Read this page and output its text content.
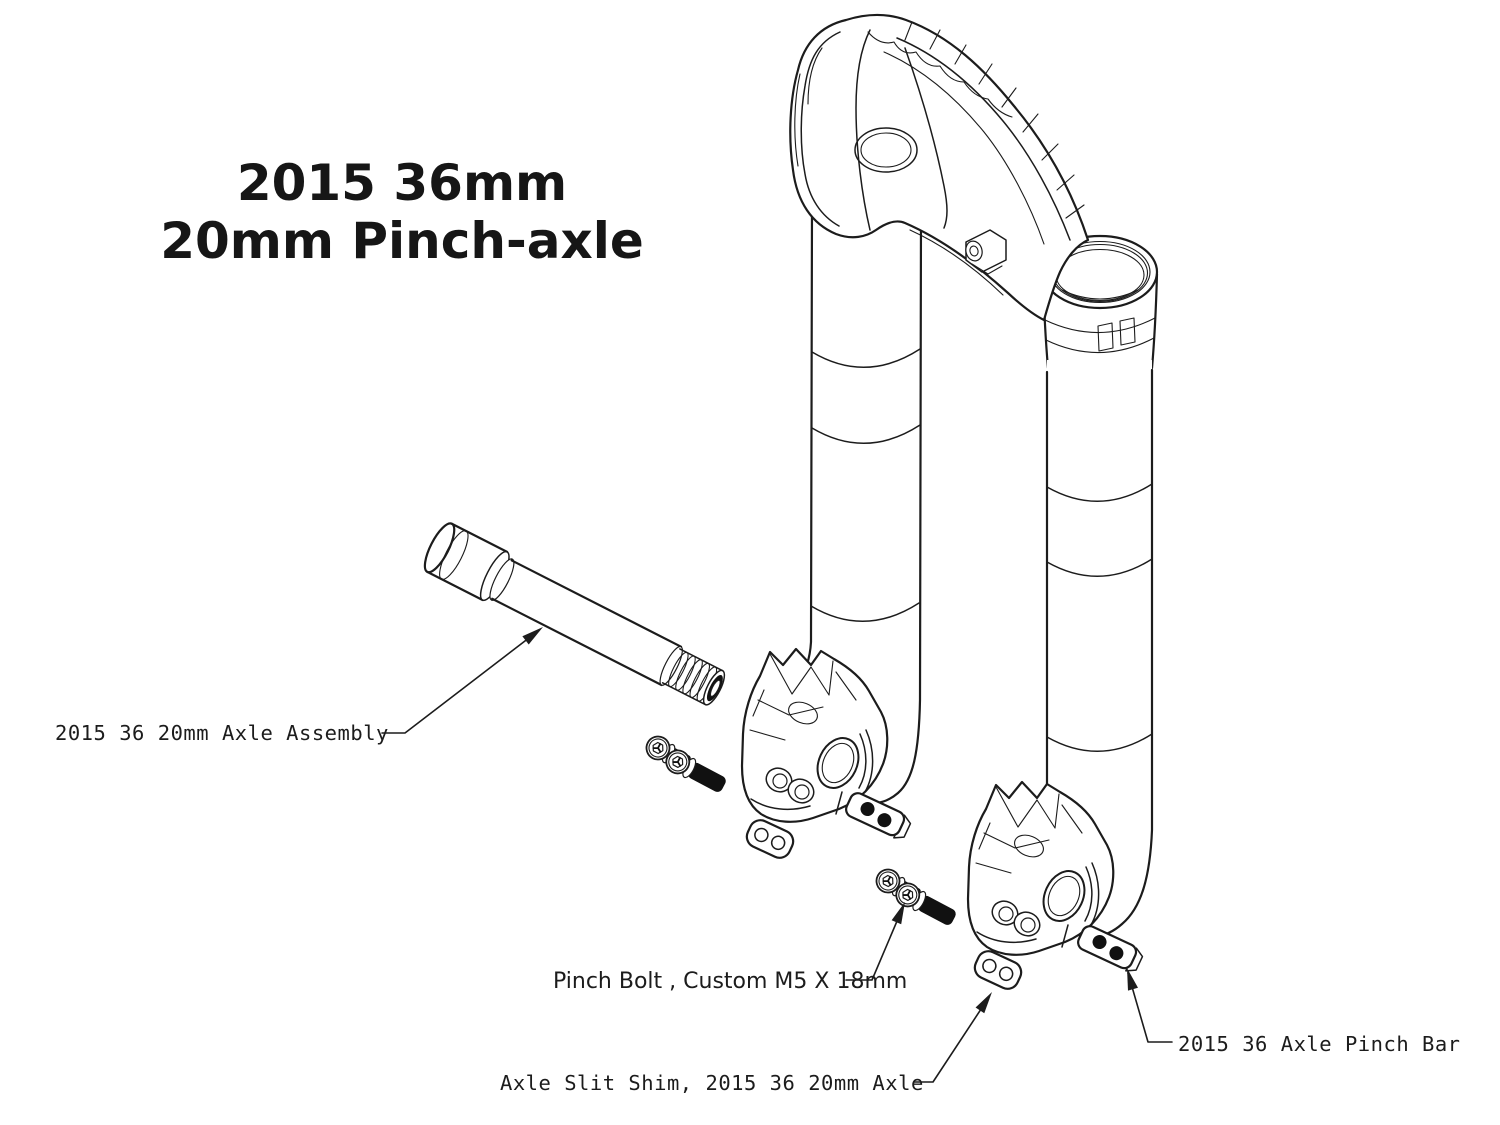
2015 36mm
20mm Pinch-axle
2015 36 20mm Axle Assembly
Pinch Bolt , Custom M5 X 18mm
Axle Slit Shim, 2015 36 20mm Axle
2015 36 Axle Pinch Bar
